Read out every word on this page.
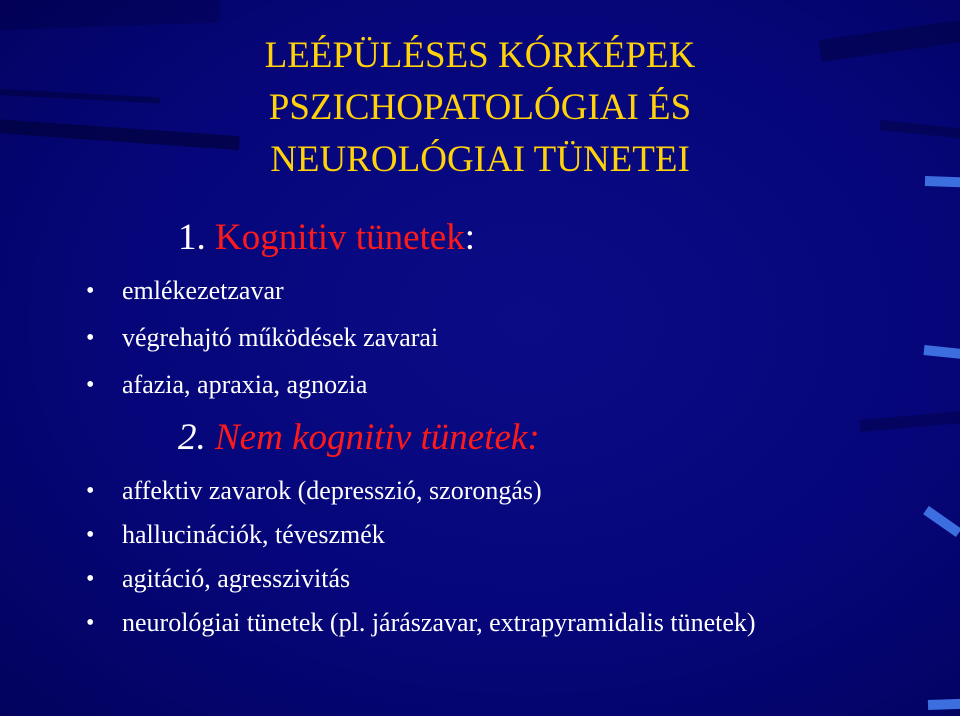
LEÉPÜLÉSES KÓRKÉPEK
PSZICHOPATOLÓGIAI ÉS
NEUROLÓGIAI TÜNETEI
1. Kognitiv tünetek:
• emlékezetzavar
• végrehajtó működések zavarai
• afazia, apraxia, agnozia
2. Nem kognitiv tünetek:
• affektiv zavarok (depresszió, szorongás)
• hallucinációk, téveszmék
• agitáció, agresszivitás
• neurológiai tünetek (pl. járászavar, extrapyramidalis tünetek)
